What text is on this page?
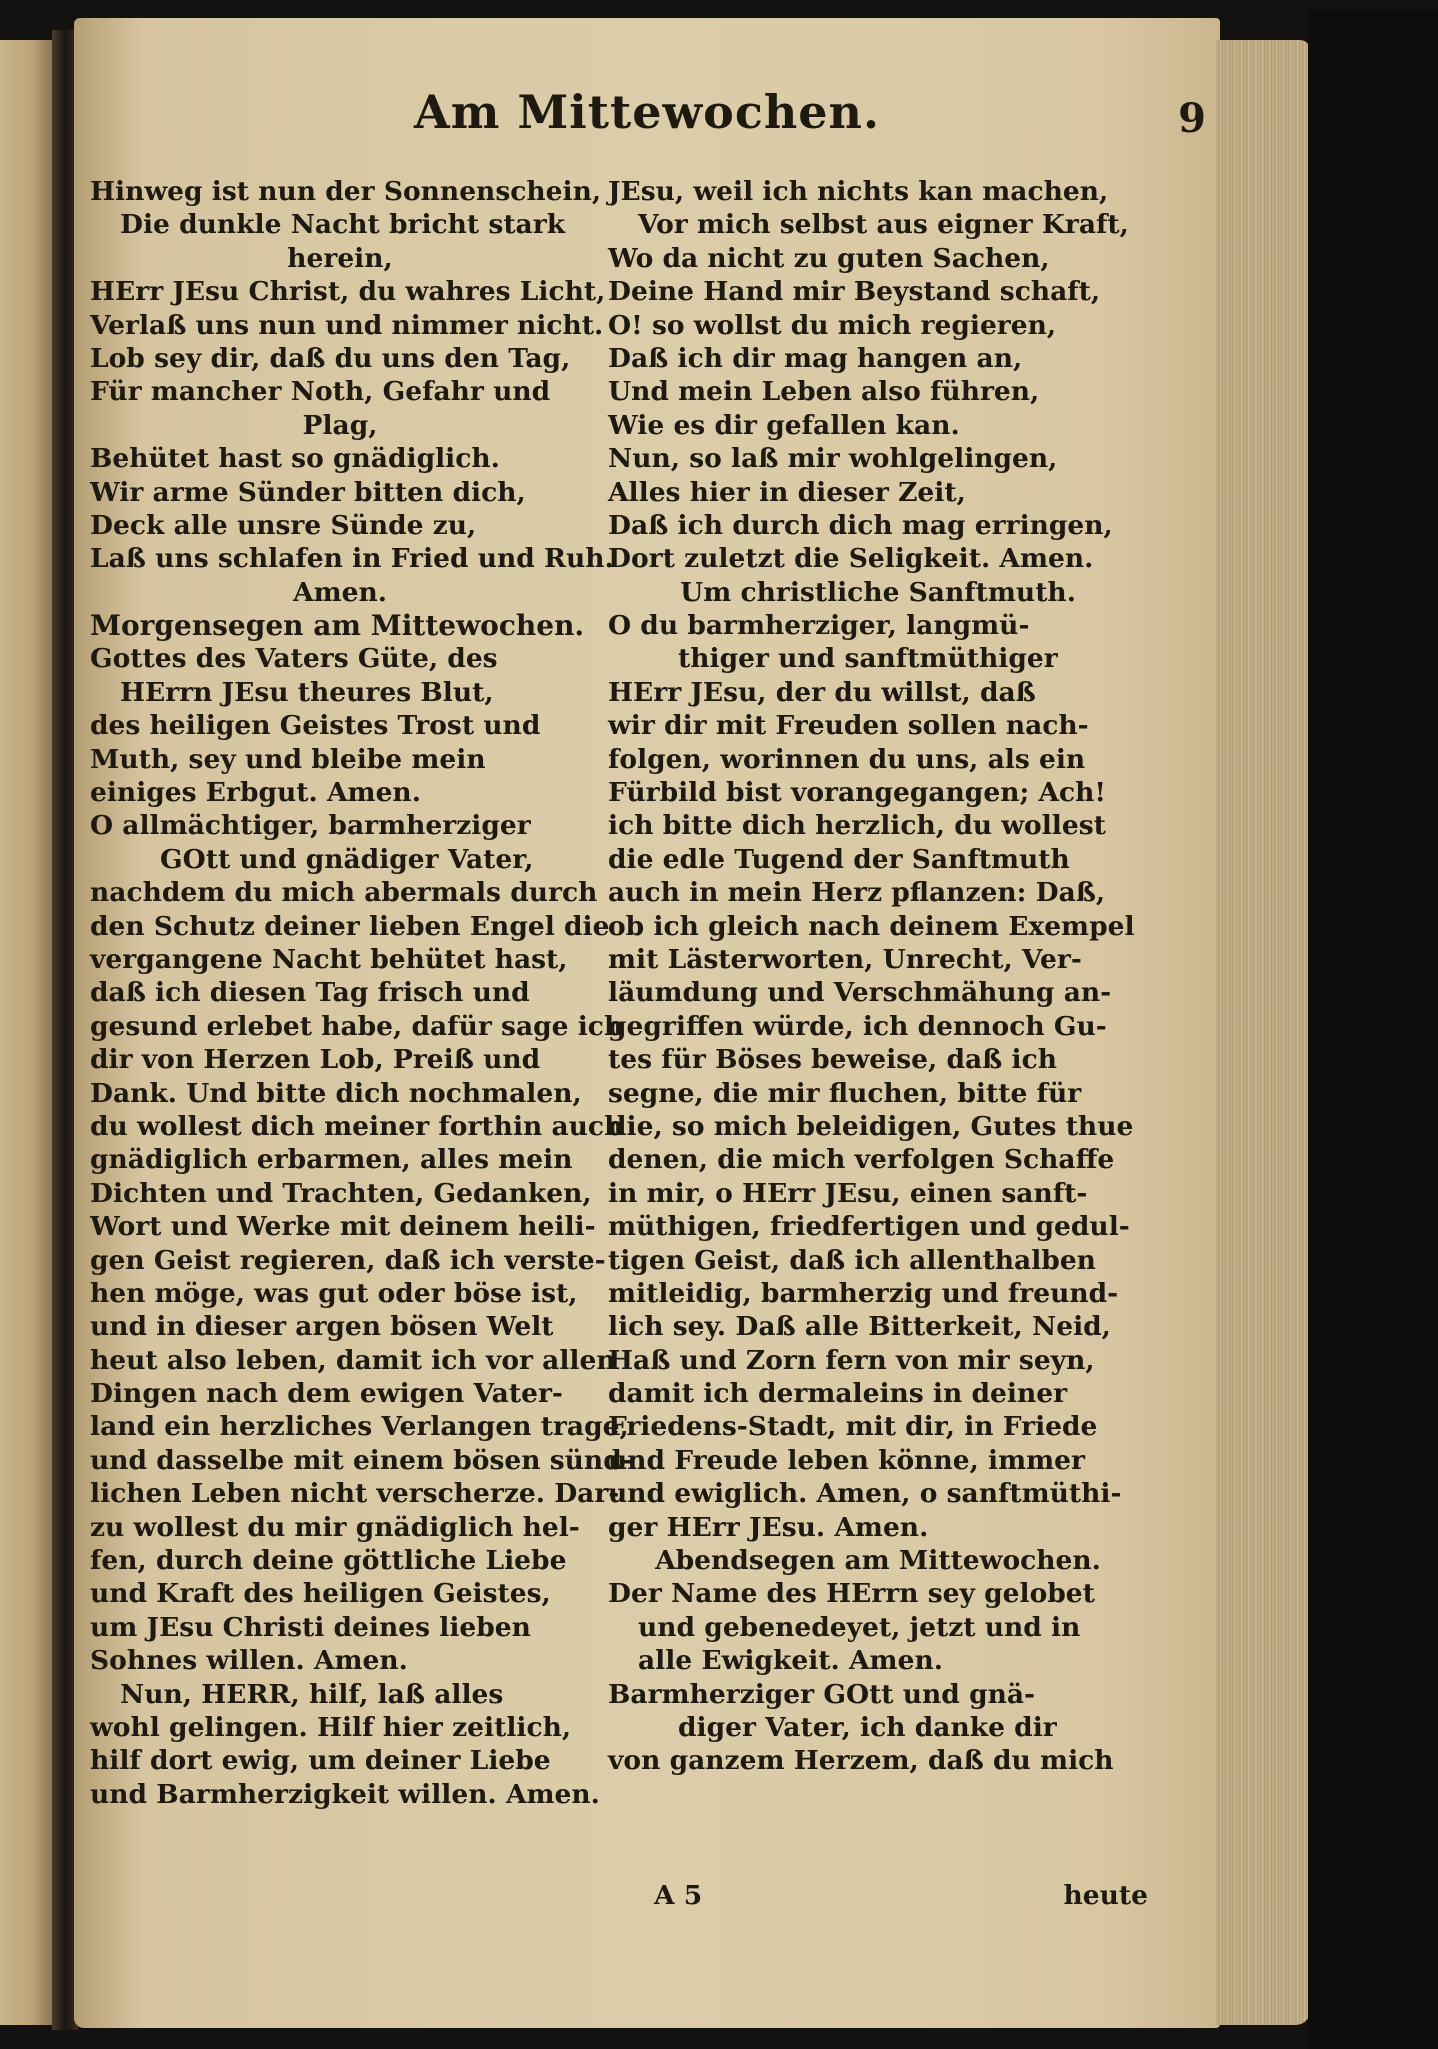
Am Mittewochen.	9
Hinweg ist nun der Sonnenschein,
Die dunkle Nacht bricht stark
herein,
HErr JEsu Christ, du wahres Licht,
Verlaß uns nun und nimmer nicht.
Lob sey dir, daß du uns den Tag,
Für mancher Noth, Gefahr und
Plag,
Behütet hast so gnädiglich.
Wir arme Sünder bitten dich,
Deck alle unsre Sünde zu,
Laß uns schlafen in Fried und Ruh.
Amen.
Morgensegen am Mittewochen.
Gottes des Vaters Güte, des
HErrn JEsu theures Blut,
des heiligen Geistes Trost und
Muth, sey und bleibe mein
einiges Erbgut. Amen.
O allmächtiger, barmherziger
GOtt und gnädiger Vater,
nachdem du mich abermals durch
den Schutz deiner lieben Engel die
vergangene Nacht behütet hast,
daß ich diesen Tag frisch und
gesund erlebet habe, dafür sage ich
dir von Herzen Lob, Preiß und
Dank. Und bitte dich nochmalen,
du wollest dich meiner forthin auch
gnädiglich erbarmen, alles mein
Dichten und Trachten, Gedanken,
Wort und Werke mit deinem heili-
gen Geist regieren, daß ich verste-
hen möge, was gut oder böse ist,
und in dieser argen bösen Welt
heut also leben, damit ich vor allen
Dingen nach dem ewigen Vater-
land ein herzliches Verlangen trage,
und dasselbe mit einem bösen sünd-
lichen Leben nicht verscherze. Dar-
zu wollest du mir gnädiglich hel-
fen, durch deine göttliche Liebe
und Kraft des heiligen Geistes,
um JEsu Christi deines lieben
Sohnes willen. Amen.
Nun, HERR, hilf, laß alles
wohl gelingen. Hilf hier zeitlich,
hilf dort ewig, um deiner Liebe
und Barmherzigkeit willen. Amen.
JEsu, weil ich nichts kan machen,
Vor mich selbst aus eigner Kraft,
Wo da nicht zu guten Sachen,
Deine Hand mir Beystand schaft,
O! so wollst du mich regieren,
Daß ich dir mag hangen an,
Und mein Leben also führen,
Wie es dir gefallen kan.
Nun, so laß mir wohlgelingen,
Alles hier in dieser Zeit,
Daß ich durch dich mag erringen,
Dort zuletzt die Seligkeit. Amen.
Um christliche Sanftmuth.
O du barmherziger, langmü-
thiger und sanftmüthiger
HErr JEsu, der du willst, daß
wir dir mit Freuden sollen nach-
folgen, worinnen du uns, als ein
Fürbild bist vorangegangen; Ach!
ich bitte dich herzlich, du wollest
die edle Tugend der Sanftmuth
auch in mein Herz pflanzen: Daß,
ob ich gleich nach deinem Exempel
mit Lästerworten, Unrecht, Ver-
läumdung und Verschmähung an-
gegriffen würde, ich dennoch Gu-
tes für Böses beweise, daß ich
segne, die mir fluchen, bitte für
die, so mich beleidigen, Gutes thue
denen, die mich verfolgen Schaffe
in mir, o HErr JEsu, einen sanft-
müthigen, friedfertigen und gedul-
tigen Geist, daß ich allenthalben
mitleidig, barmherzig und freund-
lich sey. Daß alle Bitterkeit, Neid,
Haß und Zorn fern von mir seyn,
damit ich dermaleins in deiner
Friedens-Stadt, mit dir, in Friede
und Freude leben könne, immer
und ewiglich. Amen, o sanftmüthi-
ger HErr JEsu. Amen.
Abendsegen am Mittewochen.
Der Name des HErrn sey gelobet
und gebenedeyet, jetzt und in
alle Ewigkeit. Amen.
Barmherziger GOtt und gnä-
diger Vater, ich danke dir
von ganzem Herzem, daß du mich
A 5	heute
